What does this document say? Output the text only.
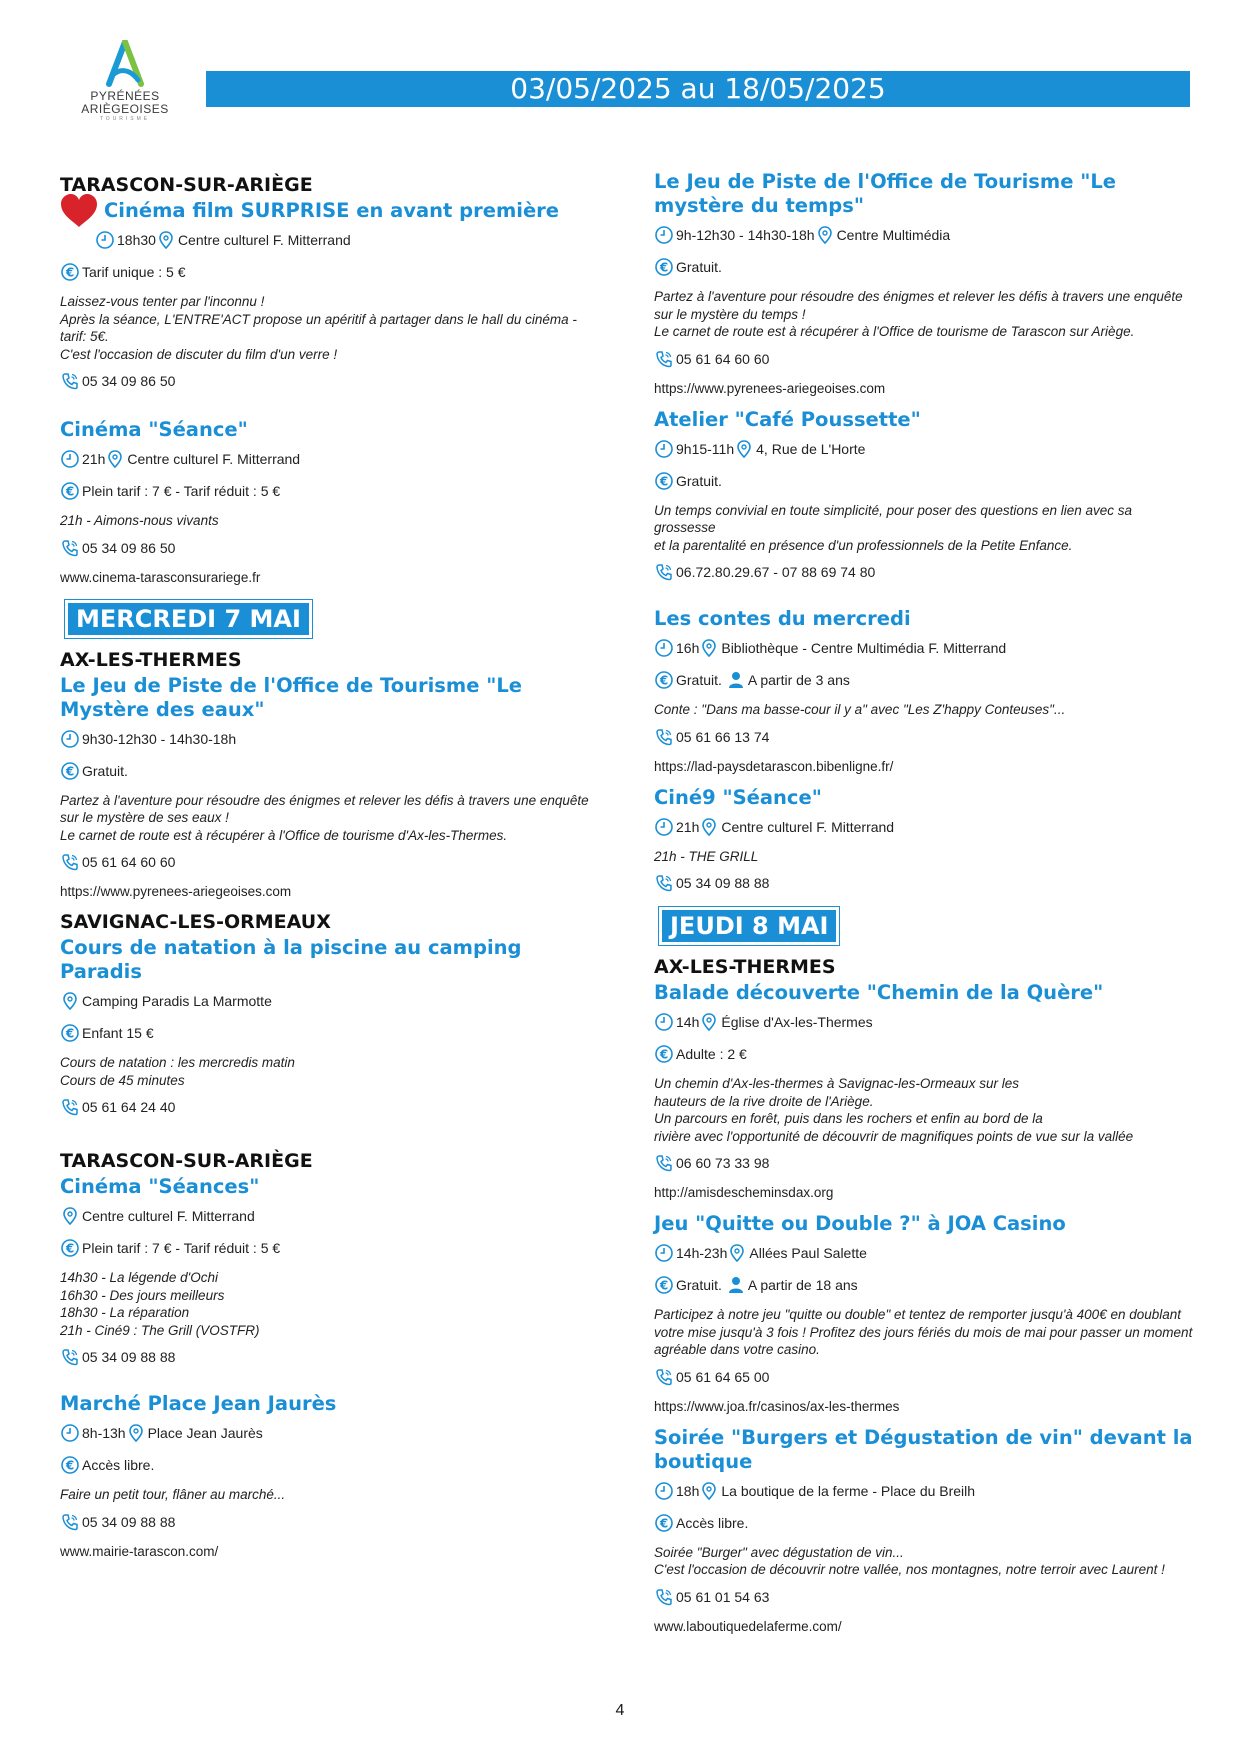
PYRÉNÉES
ARIÈGEOISES
TOURISME
03/05/2025 au 18/05/2025
TARASCON-SUR-ARIÈGE
Cinéma film SURPRISE en avant première
18h30 Centre culturel F. Mitterrand
Tarif unique : 5 €
Laissez-vous tenter par l'inconnu !
Après la séance, L'ENTRE'ACT propose un apéritif à partager dans le hall du cinéma -
tarif: 5€.
C'est l'occasion de discuter du film d'un verre !
05 34 09 86 50
Cinéma "Séance"
21h Centre culturel F. Mitterrand
Plein tarif : 7 € - Tarif réduit : 5 €
21h - Aimons-nous vivants
05 34 09 86 50
www.cinema-tarasconsurariege.fr
MERCREDI 7 MAI
AX-LES-THERMES
Le Jeu de Piste de l'Office de Tourisme "Le Mystère des eaux"
9h30-12h30 - 14h30-18h
Gratuit.
Partez à l'aventure pour résoudre des énigmes et relever les défis à travers une enquête
sur le mystère de ses eaux !
Le carnet de route est à récupérer à l'Office de tourisme d'Ax-les-Thermes.
05 61 64 60 60
https://www.pyrenees-ariegeoises.com
SAVIGNAC-LES-ORMEAUX
Cours de natation à la piscine au camping Paradis
Camping Paradis La Marmotte
Enfant 15 €
Cours de natation : les mercredis matin
Cours de 45 minutes
05 61 64 24 40
TARASCON-SUR-ARIÈGE
Cinéma "Séances"
Centre culturel F. Mitterrand
Plein tarif : 7 € - Tarif réduit : 5 €
14h30 - La légende d'Ochi
16h30 - Des jours meilleurs
18h30 - La réparation
21h - Ciné9 : The Grill (VOSTFR)
05 34 09 88 88
Marché Place Jean Jaurès
8h-13h Place Jean Jaurès
Accès libre.
Faire un petit tour, flâner au marché...
05 34 09 88 88
www.mairie-tarascon.com/
Le Jeu de Piste de l'Office de Tourisme "Le mystère du temps"
9h-12h30 - 14h30-18h Centre Multimédia
Gratuit.
Partez à l'aventure pour résoudre des énigmes et relever les défis à travers une enquête
sur le mystère du temps !
Le carnet de route est à récupérer à l'Office de tourisme de Tarascon sur Ariège.
05 61 64 60 60
https://www.pyrenees-ariegeoises.com
Atelier "Café Poussette"
9h15-11h 4, Rue de L'Horte
Gratuit.
Un temps convivial en toute simplicité, pour poser des questions en lien avec sa grossesse
et la parentalité en présence d'un professionnels de la Petite Enfance.
06.72.80.29.67 - 07 88 69 74 80
Les contes du mercredi
16h Bibliothèque - Centre Multimédia F. Mitterrand
Gratuit. A partir de 3 ans
Conte : "Dans ma basse-cour il y a" avec "Les Z'happy Conteuses"...
05 61 66 13 74
https://lad-paysdetarascon.bibenligne.fr/
Ciné9 "Séance"
21h Centre culturel F. Mitterrand
21h - THE GRILL
05 34 09 88 88
JEUDI 8 MAI
AX-LES-THERMES
Balade découverte "Chemin de la Quère"
14h Église d'Ax-les-Thermes
Adulte : 2 €
Un chemin d'Ax-les-thermes à Savignac-les-Ormeaux sur les
hauteurs de la rive droite de l'Ariège.
Un parcours en forêt, puis dans les rochers et enfin au bord de la
rivière avec l'opportunité de découvrir de magnifiques points de vue sur la vallée
06 60 73 33 98
http://amisdescheminsdax.org
Jeu "Quitte ou Double ?" à JOA Casino
14h-23h Allées Paul Salette
Gratuit. A partir de 18 ans
Participez à notre jeu "quitte ou double" et tentez de remporter jusqu'à 400€ en doublant
votre mise jusqu'à 3 fois ! Profitez des jours fériés du mois de mai pour passer un moment
agréable dans votre casino.
05 61 64 65 00
https://www.joa.fr/casinos/ax-les-thermes
Soirée "Burgers et Dégustation de vin" devant la boutique
18h La boutique de la ferme - Place du Breilh
Accès libre.
Soirée "Burger" avec dégustation de vin...
C'est l'occasion de découvrir notre vallée, nos montagnes, notre terroir avec Laurent !
05 61 01 54 63
www.laboutiquedelaferme.com/
4
